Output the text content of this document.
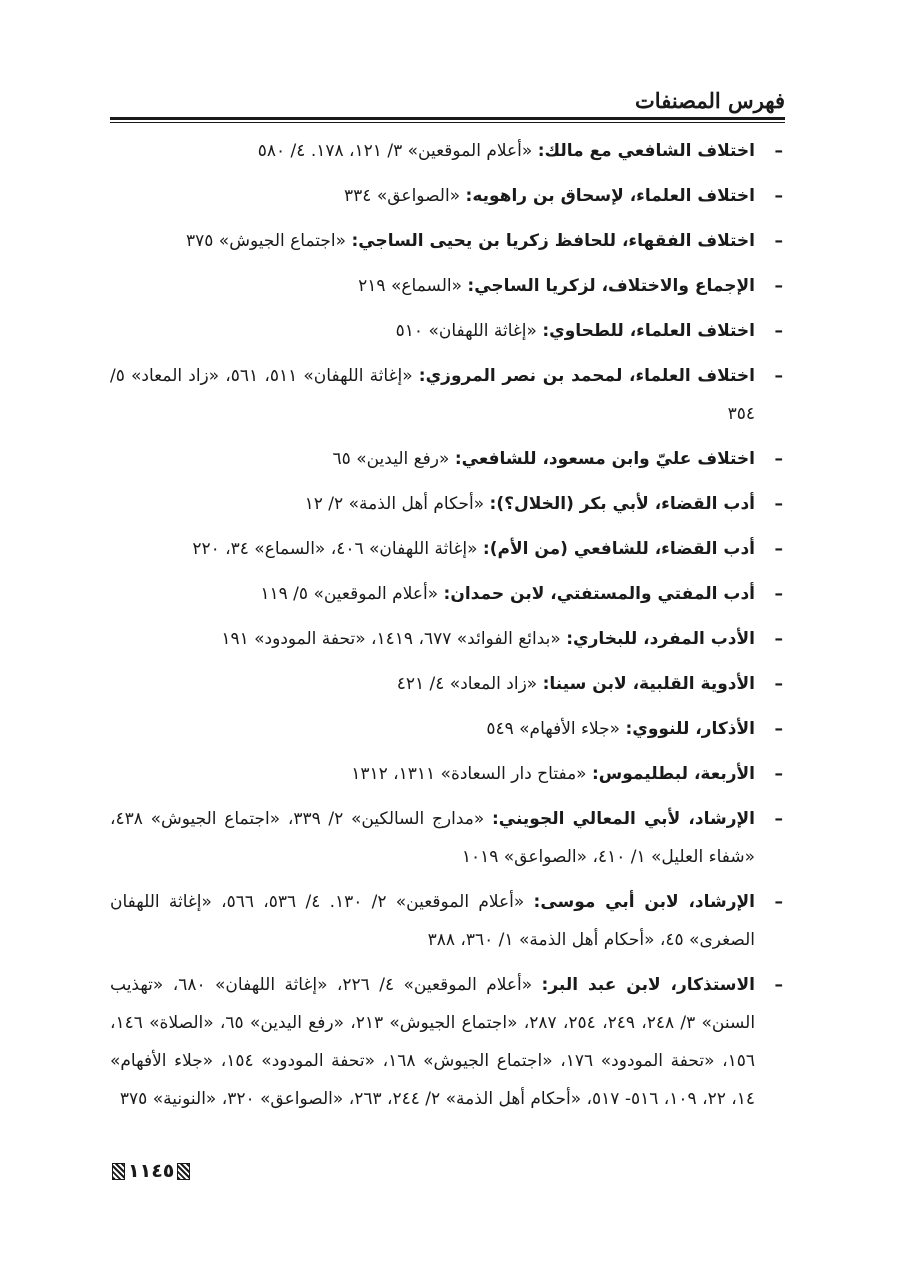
فهرس المصنفات
–
اختلاف الشافعي مع مالك: «أعلام الموقعين» ٣/ ١٢١، ١٧٨. ٤/ ٥٨٠
–
اختلاف العلماء، لإسحاق بن راهويه: «الصواعق» ٣٣٤
–
اختلاف الفقهاء، للحافظ زكريا بن يحيى الساجي: «اجتماع الجيوش» ٣٧٥
–
الإجماع والاختلاف، لزكريا الساجي: «السماع» ٢١٩
–
اختلاف العلماء، للطحاوي: «إغاثة اللهفان» ٥١٠
–
اختلاف العلماء، لمحمد بن نصر المروزي: «إغاثة اللهفان» ٥١١، ٥٦١، «زاد المعاد» ٥/ ٣٥٤
–
اختلاف عليّ وابن مسعود، للشافعي: «رفع اليدين» ٦٥
–
أدب القضاء، لأبي بكر (الخلال؟): «أحكام أهل الذمة» ٢/ ١٢
–
أدب القضاء، للشافعي (من الأم): «إغاثة اللهفان» ٤٠٦، «السماع» ٣٤، ٢٢٠
–
أدب المفتي والمستفتي، لابن حمدان: «أعلام الموقعين» ٥/ ١١٩
–
الأدب المفرد، للبخاري: «بدائع الفوائد» ٦٧٧، ١٤١٩، «تحفة المودود» ١٩١
–
الأدوية القلبية، لابن سينا: «زاد المعاد» ٤/ ٤٢١
–
الأذكار، للنووي: «جلاء الأفهام» ٥٤٩
–
الأربعة، لبطليموس: «مفتاح دار السعادة» ١٣١١، ١٣١٢
–
الإرشاد، لأبي المعالي الجويني: «مدارج السالكين» ٢/ ٣٣٩، «اجتماع الجيوش» ٤٣٨، «شفاء العليل» ١/ ٤١٠، «الصواعق» ١٠١٩
–
الإرشاد، لابن أبي موسى: «أعلام الموقعين» ٢/ ١٣٠. ٤/ ٥٣٦، ٥٦٦، «إغاثة اللهفان الصغرى» ٤٥، «أحكام أهل الذمة» ١/ ٣٦٠، ٣٨٨
–
الاستذكار، لابن عبد البر: «أعلام الموقعين» ٤/ ٢٢٦، «إغاثة اللهفان» ٦٨٠، «تهذيب السنن» ٣/ ٢٤٨، ٢٤٩، ٢٥٤، ٢٨٧، «اجتماع الجيوش» ٢١٣، «رفع اليدين» ٦٥، «الصلاة» ١٤٦، ١٥٦، «تحفة المودود» ١٧٦، «اجتماع الجيوش» ١٦٨، «تحفة المودود» ١٥٤، «جلاء الأفهام» ١٤، ٢٢، ١٠٩، ٥١٦- ٥١٧، «أحكام أهل الذمة» ٢/ ٢٤٤، ٢٦٣، «الصواعق» ٣٢٠، «النونية» ٣٧٥
١١٤٥
